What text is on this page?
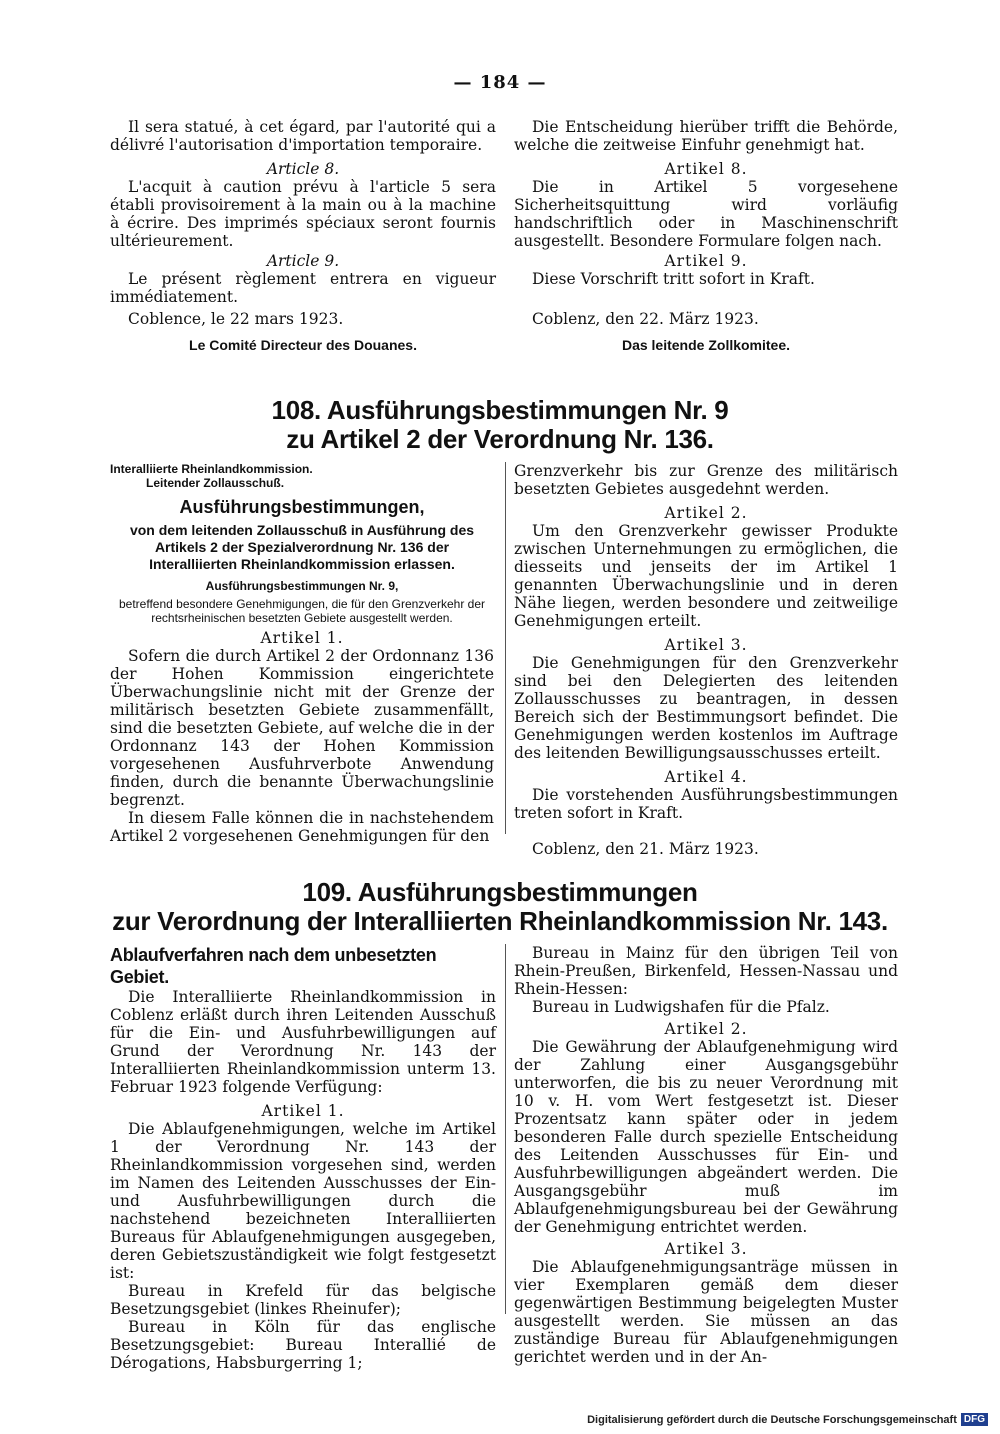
— 184 —

Il sera statué, à cet égard, par l'autorité qui a délivré l'autorisation d'importation temporaire.

Article 8.

L'acquit à caution prévu à l'article 5 sera établi provisoirement à la main ou à la machine à écrire. Des imprimés spéciaux seront fournis ultérieurement.

Article 9.

Le présent règlement entrera en vigueur immédiatement.

Coblence, le 22 mars 1923.

Le Comité Directeur des Douanes.

Die Entscheidung hierüber trifft die Behörde, welche die zeitweise Einfuhr genehmigt hat.

Artikel 8.

Die in Artikel 5 vorgesehene Sicherheitsquittung wird vorläufig handschriftlich oder in Maschinenschrift ausgestellt. Besondere Formulare folgen nach.

Artikel 9.

Diese Vorschrift tritt sofort in Kraft.

Coblenz, den 22. März 1923.

Das leitende Zollkomitee.

108. Ausführungsbestimmungen Nr. 9
zu Artikel 2 der Verordnung Nr. 136.

Interalliierte Rheinlandkommission.

Leitender Zollausschuß.

Ausführungsbestimmungen,

von dem leitenden Zollausschuß in Ausführung des Artikels 2 der Spezialverordnung Nr. 136 der Interalliierten Rheinlandkommission erlassen.

Ausführungsbestimmungen Nr. 9,

betreffend besondere Genehmigungen, die für den Grenzverkehr der rechtsrheinischen besetzten Gebiete ausgestellt werden.

Artikel 1.

Sofern die durch Artikel 2 der Ordonnanz 136 der Hohen Kommission eingerichtete Überwachungslinie nicht mit der Grenze der militärisch besetzten Gebiete zusammenfällt, sind die besetzten Gebiete, auf welche die in der Ordonnanz 143 der Hohen Kommission vorgesehenen Ausfuhrverbote Anwendung finden, durch die benannte Überwachungslinie begrenzt.

In diesem Falle können die in nachstehendem Artikel 2 vorgesehenen Genehmigungen für den

Grenzverkehr bis zur Grenze des militärisch besetzten Gebietes ausgedehnt werden.

Artikel 2.

Um den Grenzverkehr gewisser Produkte zwischen Unternehmungen zu ermöglichen, die diesseits und jenseits der im Artikel 1 genannten Überwachungslinie und in deren Nähe liegen, werden besondere und zeitweilige Genehmigungen erteilt.

Artikel 3.

Die Genehmigungen für den Grenzverkehr sind bei den Delegierten des leitenden Zollausschusses zu beantragen, in dessen Bereich sich der Bestimmungsort befindet. Die Genehmigungen werden kostenlos im Auftrage des leitenden Bewilligungsausschusses erteilt.

Artikel 4.

Die vorstehenden Ausführungsbestimmungen treten sofort in Kraft.

Coblenz, den 21. März 1923.

109. Ausführungsbestimmungen
zur Verordnung der Interalliierten Rheinlandkommission Nr. 143.

Ablaufverfahren nach dem unbesetzten Gebiet.

Die Interalliierte Rheinlandkommission in Coblenz erläßt durch ihren Leitenden Ausschuß für die Ein- und Ausfuhrbewilligungen auf Grund der Verordnung Nr. 143 der Interalliierten Rheinlandkommission unterm 13. Februar 1923 folgende Verfügung:

Artikel 1.

Die Ablaufgenehmigungen, welche im Artikel 1 der Verordnung Nr. 143 der Rheinlandkommission vorgesehen sind, werden im Namen des Leitenden Ausschusses der Ein- und Ausfuhrbewilligungen durch die nachstehend bezeichneten Interalliierten Bureaus für Ablaufgenehmigungen ausgegeben, deren Gebietszuständigkeit wie folgt festgesetzt ist:

Bureau in Krefeld für das belgische Besetzungsgebiet (linkes Rheinufer);

Bureau in Köln für das englische Besetzungsgebiet: Bureau Interallié de Dérogations, Habsburgerring 1;

Bureau in Mainz für den übrigen Teil von Rhein-Preußen, Birkenfeld, Hessen-Nassau und Rhein-Hessen:

Bureau in Ludwigshafen für die Pfalz.

Artikel 2.

Die Gewährung der Ablaufgenehmigung wird der Zahlung einer Ausgangsgebühr unterworfen, die bis zu neuer Verordnung mit 10 v. H. vom Wert festgesetzt ist. Dieser Prozentsatz kann später oder in jedem besonderen Falle durch spezielle Entscheidung des Leitenden Ausschusses für Ein- und Ausfuhrbewilligungen abgeändert werden. Die Ausgangsgebühr muß im Ablaufgenehmigungsbureau bei der Gewährung der Genehmigung entrichtet werden.

Artikel 3.

Die Ablaufgenehmigungsanträge müssen in vier Exemplaren gemäß dem dieser gegenwärtigen Bestimmung beigelegten Muster ausgestellt werden. Sie müssen an das zuständige Bureau für Ablaufgenehmigungen gerichtet werden und in der An-

Digitalisierung gefördert durch die Deutsche Forschungsgemeinschaft DFG
